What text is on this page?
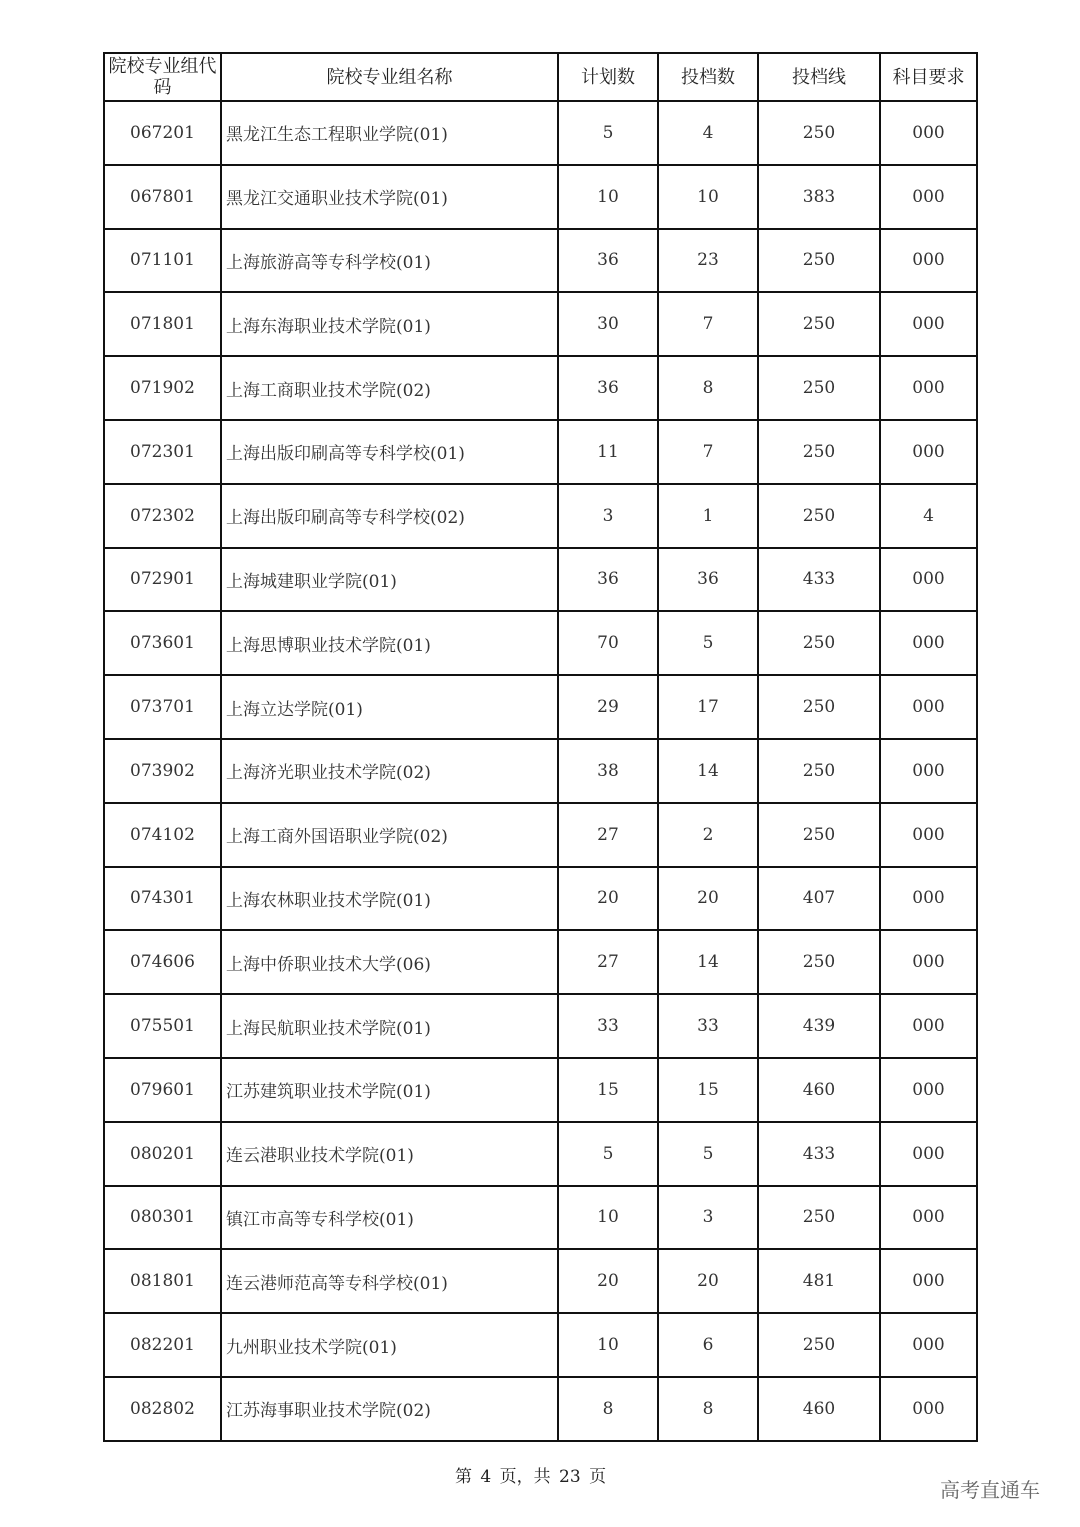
院校专业组代码	院校专业组名称	计划数	投档数	投档线	科目要求
067201	黑龙江生态工程职业学院(01)	5	4	250	000
067801	黑龙江交通职业技术学院(01)	10	10	383	000
071101	上海旅游高等专科学校(01)	36	23	250	000
071801	上海东海职业技术学院(01)	30	7	250	000
071902	上海工商职业技术学院(02)	36	8	250	000
072301	上海出版印刷高等专科学校(01)	11	7	250	000
072302	上海出版印刷高等专科学校(02)	3	1	250	4
072901	上海城建职业学院(01)	36	36	433	000
073601	上海思博职业技术学院(01)	70	5	250	000
073701	上海立达学院(01)	29	17	250	000
073902	上海济光职业技术学院(02)	38	14	250	000
074102	上海工商外国语职业学院(02)	27	2	250	000
074301	上海农林职业技术学院(01)	20	20	407	000
074606	上海中侨职业技术大学(06)	27	14	250	000
075501	上海民航职业技术学院(01)	33	33	439	000
079601	江苏建筑职业技术学院(01)	15	15	460	000
080201	连云港职业技术学院(01)	5	5	433	000
080301	镇江市高等专科学校(01)	10	3	250	000
081801	连云港师范高等专科学校(01)	20	20	481	000
082201	九州职业技术学院(01)	10	6	250	000
082802	江苏海事职业技术学院(02)	8	8	460	000
第 4 页，共 23 页
高考直通车
